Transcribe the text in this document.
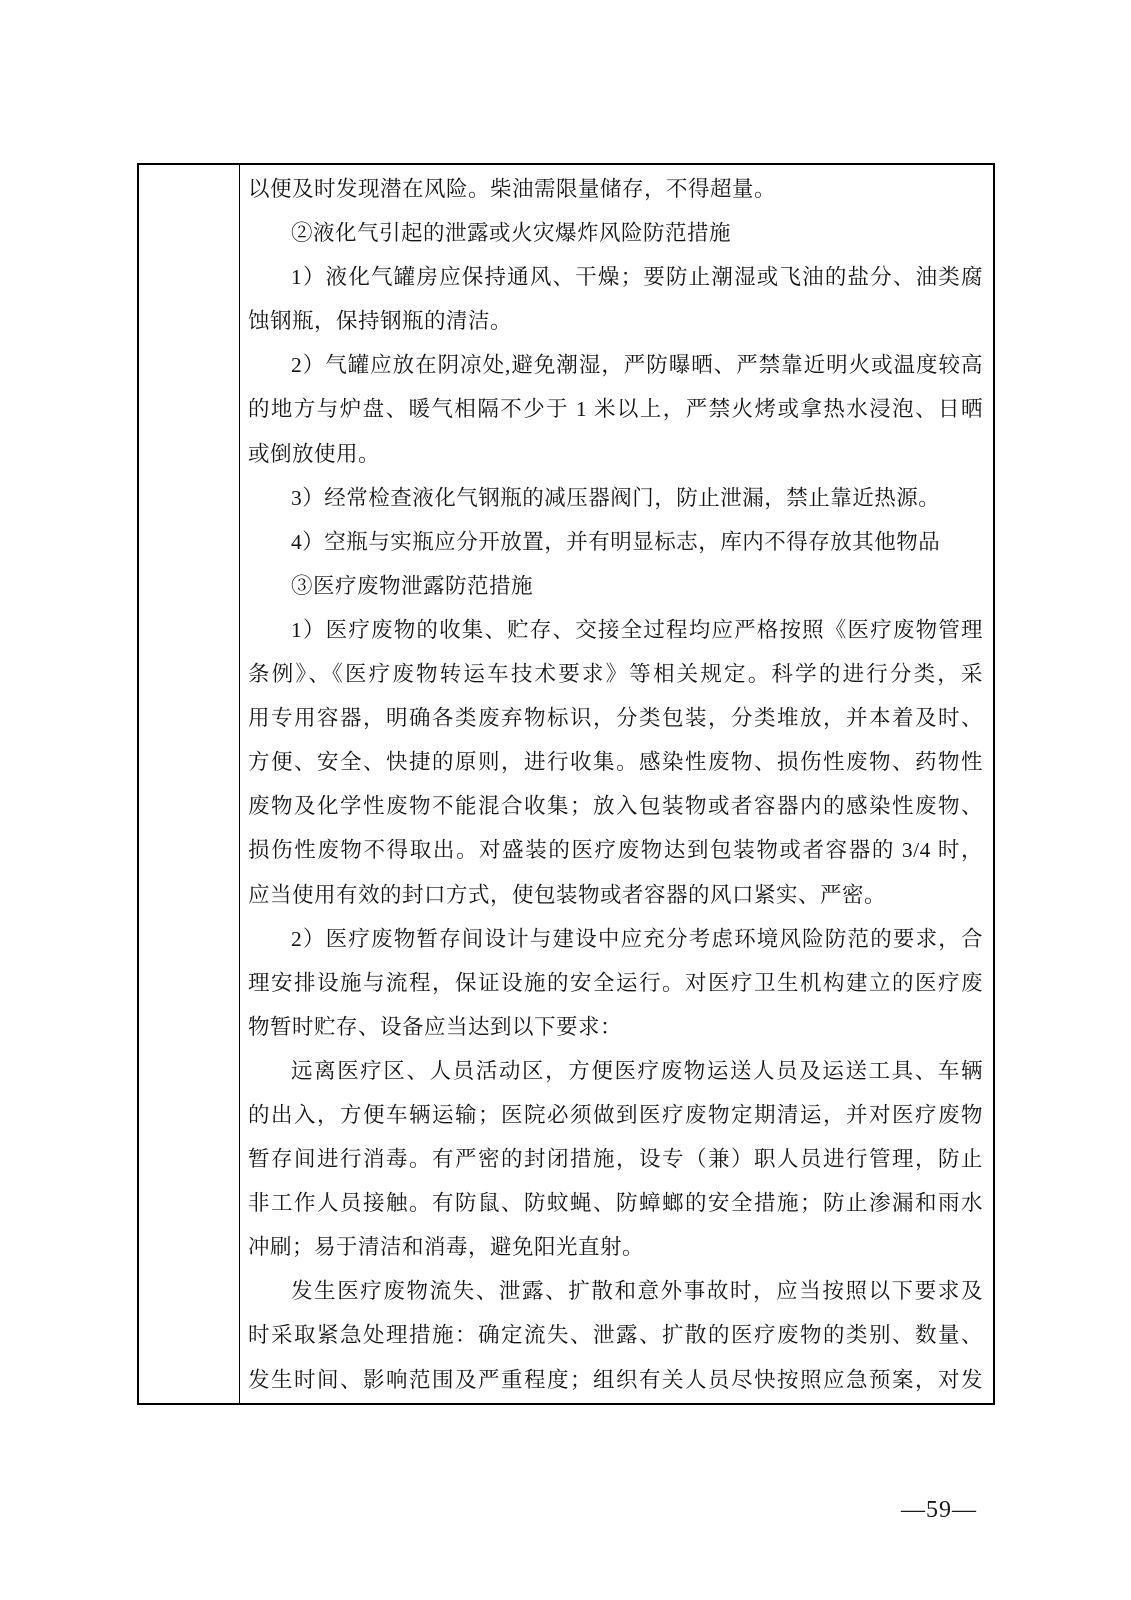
以便及时发现潜在风险。柴油需限量储存，不得超量。
②液化气引起的泄露或火灾爆炸风险防范措施
1）液化气罐房应保持通风、干燥；要防止潮湿或飞油的盐分、油类腐
蚀钢瓶，保持钢瓶的清洁。
2）气罐应放在阴凉处,避免潮湿，严防曝晒、严禁靠近明火或温度较高
的地方与炉盘、暖气相隔不少于 1 米以上，严禁火烤或拿热水浸泡、日晒
或倒放使用。
3）经常检查液化气钢瓶的减压器阀门，防止泄漏，禁止靠近热源。
4）空瓶与实瓶应分开放置，并有明显标志，库内不得存放其他物品
③医疗废物泄露防范措施
1）医疗废物的收集、贮存、交接全过程均应严格按照《医疗废物管理
条例》、《医疗废物转运车技术要求》等相关规定。科学的进行分类，采
用专用容器，明确各类废弃物标识，分类包装，分类堆放，并本着及时、
方便、安全、快捷的原则，进行收集。感染性废物、损伤性废物、药物性
废物及化学性废物不能混合收集；放入包装物或者容器内的感染性废物、
损伤性废物不得取出。对盛装的医疗废物达到包装物或者容器的 3/4 时，
应当使用有效的封口方式，使包装物或者容器的风口紧实、严密。
2）医疗废物暂存间设计与建设中应充分考虑环境风险防范的要求，合
理安排设施与流程，保证设施的安全运行。对医疗卫生机构建立的医疗废
物暂时贮存、设备应当达到以下要求：
远离医疗区、人员活动区，方便医疗废物运送人员及运送工具、车辆
的出入，方便车辆运输；医院必须做到医疗废物定期清运，并对医疗废物
暂存间进行消毒。有严密的封闭措施，设专（兼）职人员进行管理，防止
非工作人员接触。有防鼠、防蚊蝇、防蟑螂的安全措施；防止渗漏和雨水
冲刷；易于清洁和消毒，避免阳光直射。
发生医疗废物流失、泄露、扩散和意外事故时，应当按照以下要求及
时采取紧急处理措施：确定流失、泄露、扩散的医疗废物的类别、数量、
发生时间、影响范围及严重程度；组织有关人员尽快按照应急预案，对发
—59—
